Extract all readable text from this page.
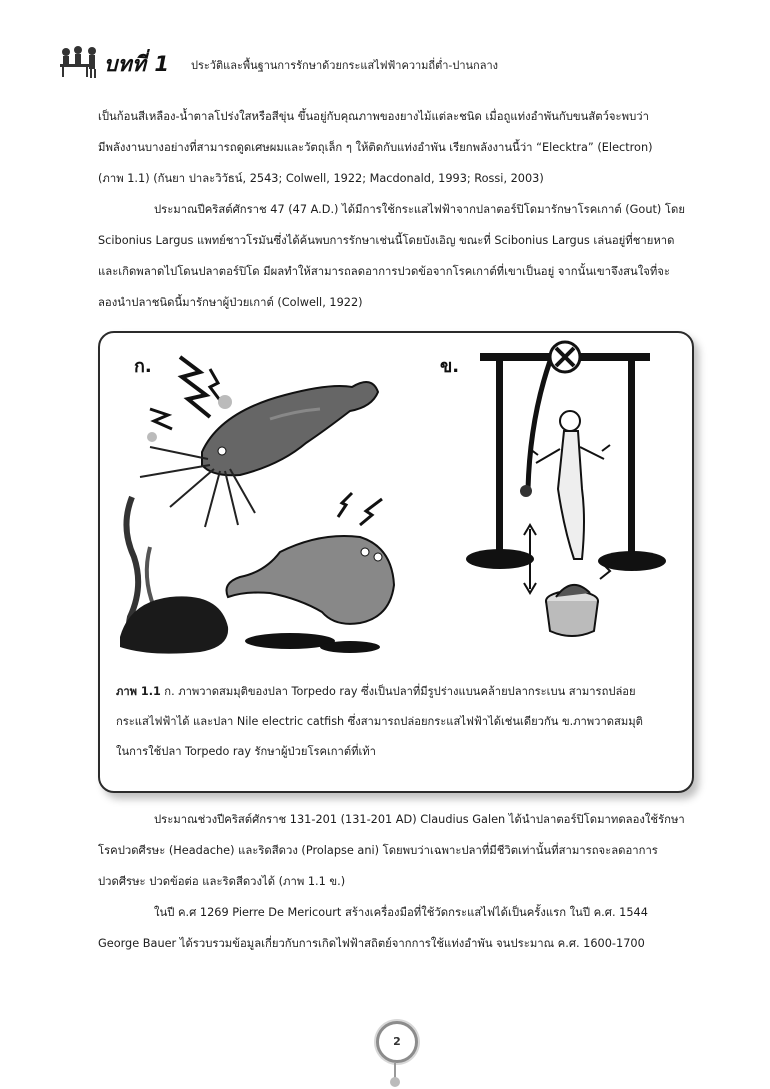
บทที่ 1 ประวัติและพื้นฐานการรักษาด้วยกระแสไฟฟ้าความถี่ต่ำ-ปานกลาง
เป็นก้อนสีเหลือง-น้ำตาลโปร่งใสหรือสีขุ่น ขึ้นอยู่กับคุณภาพของยางไม้แต่ละชนิด เมื่อถูแท่งอำพันกับขนสัตว์จะพบว่า
มีพลังงานบางอย่างที่สามารถดูดเศษผมและวัตถุเล็ก ๆ ให้ติดกับแท่งอำพัน เรียกพลังงานนี้ว่า “Elecktra” (Electron)
(ภาพ 1.1) (กันยา ปาละวิวัธน์, 2543; Colwell, 1922; Macdonald, 1993; Rossi, 2003)
ประมาณปีคริสต์ศักราช 47 (47 A.D.) ได้มีการใช้กระแสไฟฟ้าจากปลาตอร์ปิโดมารักษาโรคเกาต์ (Gout) โดย
Scibonius Largus แพทย์ชาวโรมันซึ่งได้ค้นพบการรักษาเช่นนี้โดยบังเอิญ ขณะที่ Scibonius Largus เล่นอยู่ที่ชายหาด
และเกิดพลาดไปโดนปลาตอร์ปิโด มีผลทำให้สามารถลดอาการปวดข้อจากโรคเกาต์ที่เขาเป็นอยู่ จากนั้นเขาจึงสนใจที่จะ
ลองนำปลาชนิดนี้มารักษาผู้ป่วยเกาต์ (Colwell, 1922)
ก.	ข.
ภาพ 1.1 ก. ภาพวาดสมมุติของปลา Torpedo ray ซึ่งเป็นปลาที่มีรูปร่างแบนคล้ายปลากระเบน สามารถปล่อย
กระแสไฟฟ้าได้ และปลา Nile electric catfish ซึ่งสามารถปล่อยกระแสไฟฟ้าได้เช่นเดียวกัน ข.ภาพวาดสมมุติ
ในการใช้ปลา Torpedo ray รักษาผู้ป่วยโรคเกาต์ที่เท้า
ประมาณช่วงปีคริสต์ศักราช 131-201 (131-201 AD) Claudius Galen ได้นำปลาตอร์ปิโดมาทดลองใช้รักษา
โรคปวดศีรษะ (Headache) และริดสีดวง (Prolapse ani) โดยพบว่าเฉพาะปลาที่มีชีวิตเท่านั้นที่สามารถจะลดอาการ
ปวดศีรษะ ปวดข้อต่อ และริดสีดวงได้ (ภาพ 1.1 ข.)
ในปี ค.ศ 1269 Pierre De Mericourt สร้างเครื่องมือที่ใช้วัดกระแสไฟได้เป็นครั้งแรก ในปี ค.ศ. 1544
George Bauer ได้รวบรวมข้อมูลเกี่ยวกับการเกิดไฟฟ้าสถิตย์จากการใช้แท่งอำพัน จนประมาณ ค.ศ. 1600-1700
2
